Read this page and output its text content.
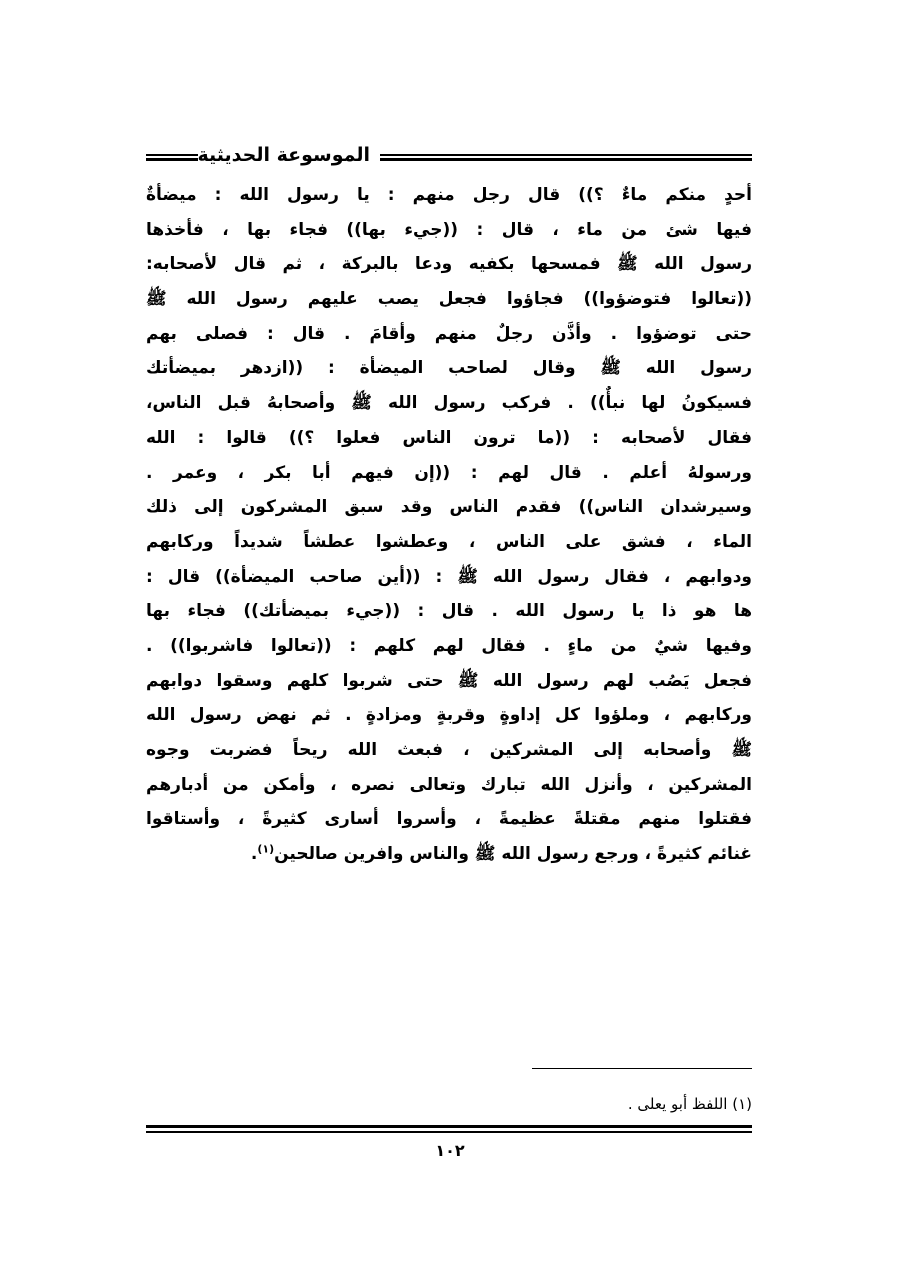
الموسوعة الحديثية
أحدٍ منكم ماءٌ ؟)) قال رجل منهم : يا رسول الله : ميضأةٌ
فيها شئ من ماء ، قال : ((جيء بها)) فجاء بها ، فأخذها
رسول الله ﷺ فمسحها بكفيه ودعا بالبركة ، ثم قال لأصحابه:
((تعالوا فتوضؤوا)) فجاؤوا فجعل يصب عليهم رسول الله ﷺ
حتى توضؤوا . وأذَّن رجلٌ منهم وأقامَ . قال : فصلى بهم
رسول الله ﷺ وقال لصاحب الميضأة : ((ازدهر بميضأتك
فسيكونُ لها نبأٌ)) . فركب رسول الله ﷺ وأصحابهُ قبل الناس،
فقال لأصحابه : ((ما ترون الناس فعلوا ؟)) قالوا : الله
ورسولهُ أعلم . قال لهم : ((إن فيهم أبا بكر ، وعمر .
وسيرشدان الناس)) فقدم الناس وقد سبق المشركون إلى ذلك
الماء ، فشق على الناس ، وعطشوا عطشاً شديداً وركابهم
ودوابهم ، فقال رسول الله ﷺ : ((أين صاحب الميضأة)) قال :
ها هو ذا يا رسول الله . قال : ((جيء بميضأتك)) فجاء بها
وفيها شيٌ من ماءٍ . فقال لهم كلهم : ((تعالوا فاشربوا)) .
فجعل يَصُب لهم رسول الله ﷺ حتى شربوا كلهم وسقوا دوابهم
وركابهم ، وملؤوا كل إداوةٍ وقربةٍ ومزادةٍ . ثم نهض رسول الله
ﷺ وأصحابه إلى المشركين ، فبعث الله ريحاً فضربت وجوه
المشركين ، وأنزل الله تبارك وتعالى نصره ، وأمكن من أدبارهم
فقتلوا منهم مقتلةً عظيمةً ، وأسروا أسارى كثيرةً ، وأستاقوا
غنائم كثيرةً ، ورجع رسول الله ﷺ والناس وافرين صالحين$^{(١)}$.
(١) اللفظ أبو يعلى .
١٠٢
